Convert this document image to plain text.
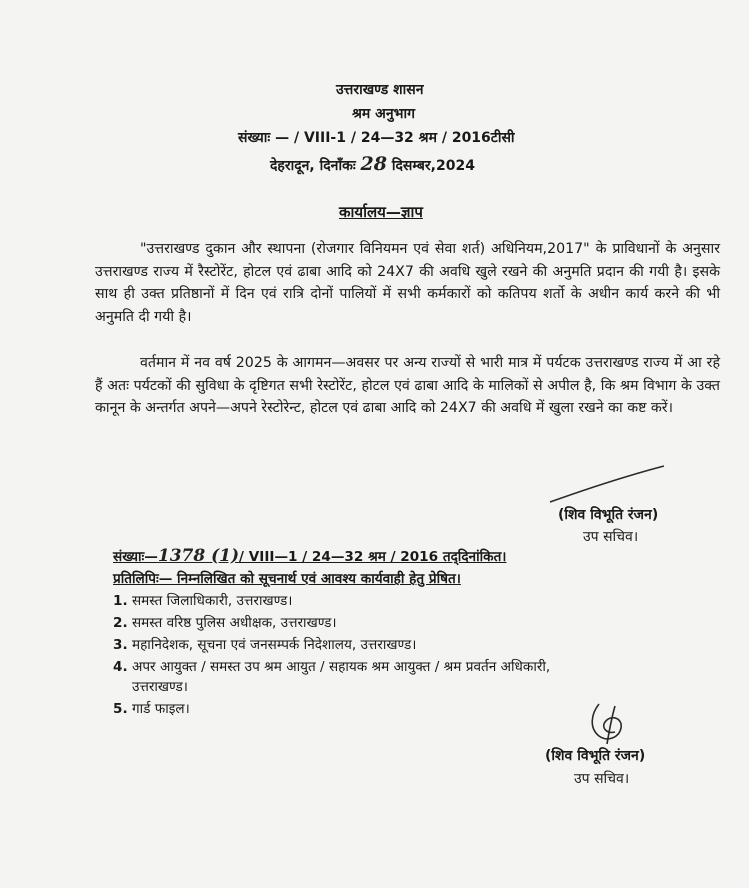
उत्तराखण्ड शासन
श्रम अनुभाग
संख्याः — / VIII-1 / 24—32 श्रम / 2016टीसी
देहरादून, दिनाँकः 28 दिसम्बर,2024
कार्यालय—ज्ञाप
"उत्तराखण्ड दुकान और स्थापना (रोजगार विनियमन एवं सेवा शर्त) अधिनियम,2017" के प्राविधानों के अनुसार उत्तराखण्ड राज्य में रैस्टोरेंट, होटल एवं ढाबा आदि को 24X7 की अवधि खुले रखने की अनुमति प्रदान की गयी है। इसके साथ ही उक्त प्रतिष्ठानों में दिन एवं रात्रि दोनों पालियों में सभी कर्मकारों को कतिपय शर्तो के अधीन कार्य करने की भी अनुमति दी गयी है।
वर्तमान में नव वर्ष 2025 के आगमन—अवसर पर अन्य राज्यों से भारी मात्र में पर्यटक उत्तराखण्ड राज्य में आ रहे हैं अतः पर्यटकों की सुविधा के दृष्टिगत सभी रेस्टोरेंट, होटल एवं ढाबा आदि के मालिकों से अपील है, कि श्रम विभाग के उक्त कानून के अन्तर्गत अपने—अपने रेस्टोरेन्ट, होटल एवं ढाबा आदि को 24X7 की अवधि में खुला रखने का कष्ट करें।
(शिव विभूति रंजन)
उप सचिव।
संख्याः—1378 (1)/ VIII—1 / 24—32 श्रम / 2016 तद्‌दिनांकित।
प्रतिलिपिः— निम्नलिखित को सूचनार्थ एवं आवश्य कार्यवाही हेतु प्रेषित।
1. समस्त जिलाधिकारी, उत्तराखण्ड।
2. समस्त वरिष्ठ पुलिस अधीक्षक, उत्तराखण्ड।
3. महानिदेशक, सूचना एवं जनसम्पर्क निदेशालय, उत्तराखण्ड।
4. अपर आयुक्त / समस्त उप श्रम आयुत / सहायक श्रम आयुक्त / श्रम प्रवर्तन अधिकारी,
उत्तराखण्ड।
5. गार्ड फाइल।
(शिव विभूति रंजन)
उप सचिव।
